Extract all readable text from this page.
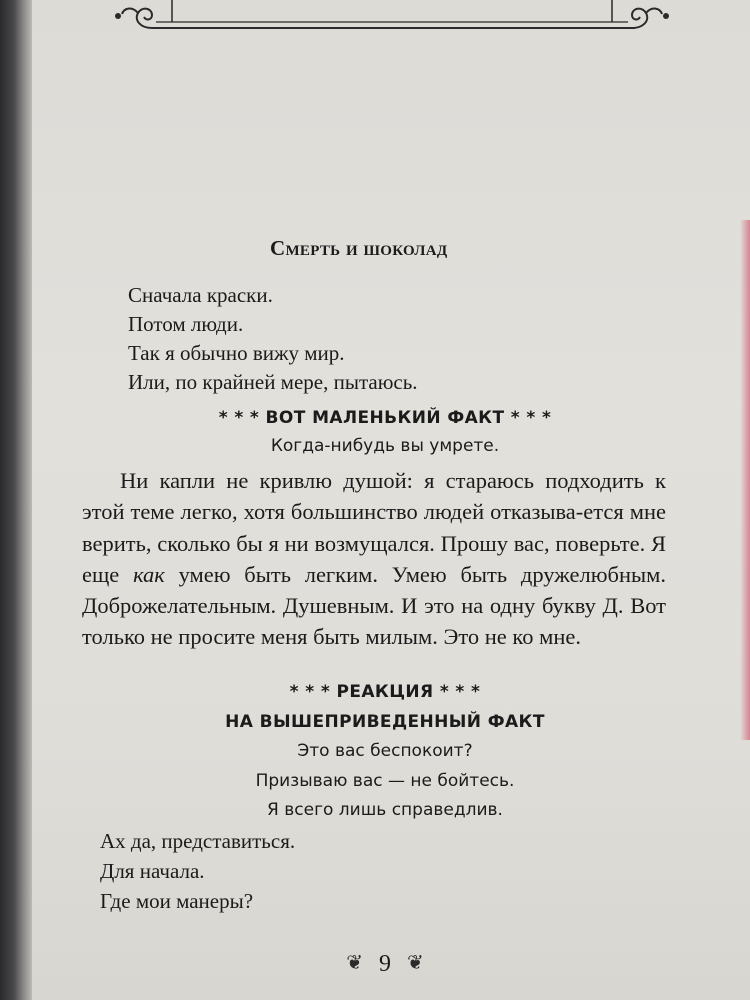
Смерть и шоколад
Сначала краски.
Потом люди.
Так я обычно вижу мир.
Или, по крайней мере, пытаюсь.
* * * ВОТ МАЛЕНЬКИЙ ФАКТ * * *
Когда-нибудь вы умрете.

Ни капли не кривлю душой: я стараюсь подходить к этой теме легко, хотя большинство людей отказыва-ется мне верить, сколько бы я ни возмущался. Прошу вас, поверьте. Я еще как умею быть легким. Умею быть дружелюбным. Доброжелательным. Душевным. И это на одну букву Д. Вот только не просите меня быть милым. Это не ко мне.

* * * РЕАКЦИЯ * * *
НА ВЫШЕПРИВЕДЕННЫЙ ФАКТ
Это вас беспокоит?
Призываю вас — не бойтесь.
Я всего лишь справедлив.
Ах да, представиться.
Для начала.
Где мои манеры?
❦ 9 ❦
